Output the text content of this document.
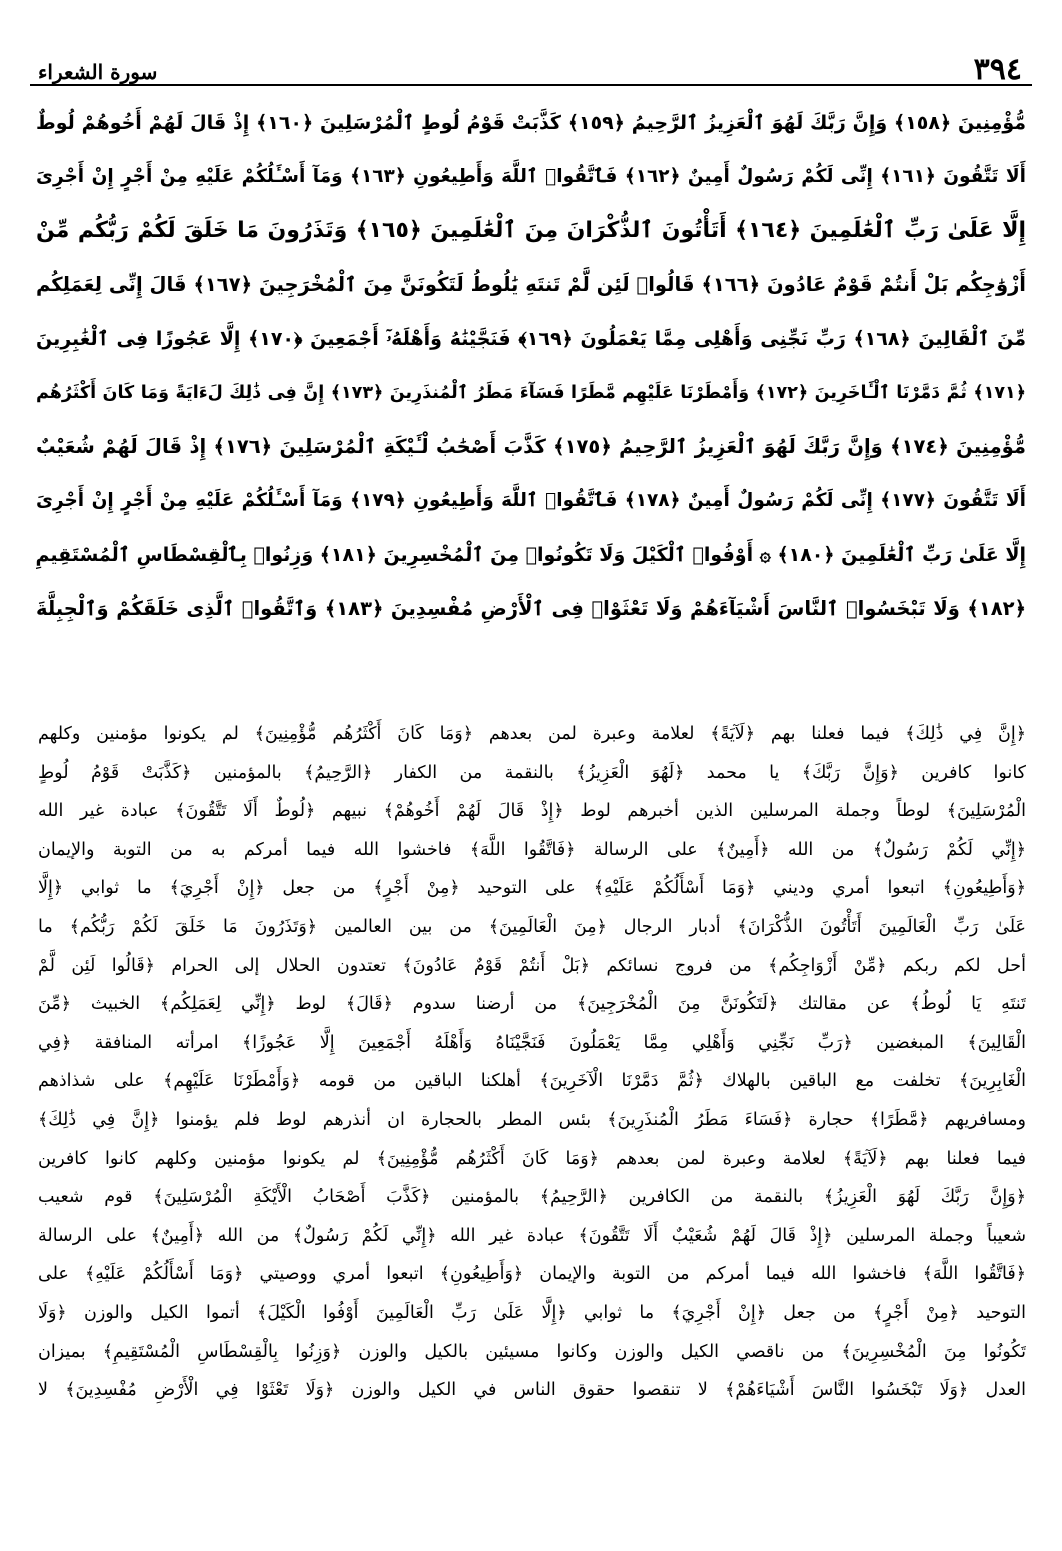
٣٩٤
سورة الشعراء
مُّؤْمِنِينَ ﴿١٥٨﴾ وَإِنَّ رَبَّكَ لَهُوَ ٱلْعَزِيزُ ٱلرَّحِيمُ ﴿١٥٩﴾ كَذَّبَتْ قَوْمُ لُوطٍ ٱلْمُرْسَلِينَ ﴿١٦٠﴾ إِذْ قَالَ لَهُمْ أَخُوهُمْ لُوطٌ
أَلَا تَتَّقُونَ ﴿١٦١﴾ إِنِّى لَكُمْ رَسُولٌ أَمِينٌ ﴿١٦٢﴾ فَٱتَّقُوا۟ ٱللَّهَ وَأَطِيعُونِ ﴿١٦٣﴾ وَمَآ أَسْـَٔلُكُمْ عَلَيْهِ مِنْ أَجْرٍ إِنْ أَجْرِىَ
إِلَّا عَلَىٰ رَبِّ ٱلْعَٰلَمِينَ ﴿١٦٤﴾ أَتَأْتُونَ ٱلذُّكْرَانَ مِنَ ٱلْعَٰلَمِينَ ﴿١٦٥﴾ وَتَذَرُونَ مَا خَلَقَ لَكُمْ رَبُّكُم مِّنْ
أَزْوَٰجِكُم بَلْ أَنتُمْ قَوْمٌ عَادُونَ ﴿١٦٦﴾ قَالُوا۟ لَئِن لَّمْ تَنتَهِ يَٰلُوطُ لَتَكُونَنَّ مِنَ ٱلْمُخْرَجِينَ ﴿١٦٧﴾ قَالَ إِنِّى لِعَمَلِكُم
مِّنَ ٱلْقَالِينَ ﴿١٦٨﴾ رَبِّ نَجِّنِى وَأَهْلِى مِمَّا يَعْمَلُونَ ﴿١٦٩﴾ فَنَجَّيْنَٰهُ وَأَهْلَهُۥٓ أَجْمَعِينَ ﴿١٧٠﴾ إِلَّا عَجُوزًا فِى ٱلْغَٰبِرِينَ
﴿١٧١﴾ ثُمَّ دَمَّرْنَا ٱلْـَٔاخَرِينَ ﴿١٧٢﴾ وَأَمْطَرْنَا عَلَيْهِم مَّطَرًا فَسَآءَ مَطَرُ ٱلْمُنذَرِينَ ﴿١٧٣﴾ إِنَّ فِى ذَٰلِكَ لَءَايَةً وَمَا كَانَ أَكْثَرُهُم
مُّؤْمِنِينَ ﴿١٧٤﴾ وَإِنَّ رَبَّكَ لَهُوَ ٱلْعَزِيزُ ٱلرَّحِيمُ ﴿١٧٥﴾ كَذَّبَ أَصْحَٰبُ لْـَٔيْكَةِ ٱلْمُرْسَلِينَ ﴿١٧٦﴾ إِذْ قَالَ لَهُمْ شُعَيْبٌ
أَلَا تَتَّقُونَ ﴿١٧٧﴾ إِنِّى لَكُمْ رَسُولٌ أَمِينٌ ﴿١٧٨﴾ فَٱتَّقُوا۟ ٱللَّهَ وَأَطِيعُونِ ﴿١٧٩﴾ وَمَآ أَسْـَٔلُكُمْ عَلَيْهِ مِنْ أَجْرٍ إِنْ أَجْرِىَ
إِلَّا عَلَىٰ رَبِّ ٱلْعَٰلَمِينَ ﴿١٨٠﴾ ۞ أَوْفُوا۟ ٱلْكَيْلَ وَلَا تَكُونُوا۟ مِنَ ٱلْمُخْسِرِينَ ﴿١٨١﴾ وَزِنُوا۟ بِٱلْقِسْطَاسِ ٱلْمُسْتَقِيمِ
﴿١٨٢﴾ وَلَا تَبْخَسُوا۟ ٱلنَّاسَ أَشْيَآءَهُمْ وَلَا تَعْثَوْا۟ فِى ٱلْأَرْضِ مُفْسِدِينَ ﴿١٨٣﴾ وَٱتَّقُوا۟ ٱلَّذِى خَلَقَكُمْ وَٱلْجِبِلَّةَ
﴿إِنَّ فِي ذَٰلِكَ﴾ فيما فعلنا بهم ﴿لَآيَةً﴾ لعلامة وعبرة لمن بعدهم ﴿وَمَا كَانَ أَكْثَرُهُم مُّؤْمِنِينَ﴾ لم يكونوا مؤمنين وكلهم
كانوا كافرين ﴿وَإِنَّ رَبَّكَ﴾ يا محمد ﴿لَهُوَ الْعَزِيزُ﴾ بالنقمة من الكفار ﴿الرَّحِيمُ﴾ بالمؤمنين ﴿كَذَّبَتْ قَوْمُ لُوطٍ
الْمُرْسَلِينَ﴾ لوطاً وجملة المرسلين الذين أخبرهم لوط ﴿إِذْ قَالَ لَهُمْ أَخُوهُمْ﴾ نبيهم ﴿لُوطٌ أَلَا تَتَّقُونَ﴾ عبادة غير الله
﴿إِنِّي لَكُمْ رَسُولٌ﴾ من الله ﴿أَمِينٌ﴾ على الرسالة ﴿فَاتَّقُوا اللَّهَ﴾ فاخشوا الله فيما أمركم به من التوبة والإيمان
﴿وَأَطِيعُونِ﴾ اتبعوا أمري وديني ﴿وَمَا أَسْأَلُكُمْ عَلَيْهِ﴾ على التوحيد ﴿مِنْ أَجْرٍ﴾ من جعل ﴿إِنْ أَجْرِيَ﴾ ما ثوابي ﴿إِلَّا
عَلَىٰ رَبِّ الْعَالَمِينَ أَتَأْتُونَ الذُّكْرَانَ﴾ أدبار الرجال ﴿مِنَ الْعَالَمِينَ﴾ من بين العالمين ﴿وَتَذَرُونَ مَا خَلَقَ لَكُمْ رَبُّكُم﴾ ما
أحل لكم ربكم ﴿مِّنْ أَزْوَاجِكُم﴾ من فروج نسائكم ﴿بَلْ أَنتُمْ قَوْمٌ عَادُونَ﴾ تعتدون الحلال إلى الحرام ﴿قَالُوا لَئِن لَّمْ
تَنتَهِ يَا لُوطُ﴾ عن مقالتك ﴿لَتَكُونَنَّ مِنَ الْمُخْرَجِينَ﴾ من أرضنا سدوم ﴿قَالَ﴾ لوط ﴿إِنِّي لِعَمَلِكُم﴾ الخبيث ﴿مِّنَ
الْقَالِينَ﴾ المبغضين ﴿رَبِّ نَجِّنِي وَأَهْلِي مِمَّا يَعْمَلُونَ فَنَجَّيْنَاهُ وَأَهْلَهُ أَجْمَعِينَ إِلَّا عَجُوزًا﴾ امرأته المنافقة ﴿فِي
الْغَابِرِينَ﴾ تخلفت مع الباقين بالهلاك ﴿ثُمَّ دَمَّرْنَا الْآخَرِينَ﴾ أهلكنا الباقين من قومه ﴿وَأَمْطَرْنَا عَلَيْهِم﴾ على شذاذهم
ومسافريهم ﴿مَّطَرًا﴾ حجارة ﴿فَسَاءَ مَطَرُ الْمُنذَرِينَ﴾ بئس المطر بالحجارة ان أنذرهم لوط فلم يؤمنوا ﴿إِنَّ فِي ذَٰلِكَ﴾
فيما فعلنا بهم ﴿لَآيَةً﴾ لعلامة وعبرة لمن بعدهم ﴿وَمَا كَانَ أَكْثَرُهُم مُّؤْمِنِينَ﴾ لم يكونوا مؤمنين وكلهم كانوا كافرين
﴿وَإِنَّ رَبَّكَ لَهُوَ الْعَزِيزُ﴾ بالنقمة من الكافرين ﴿الرَّحِيمُ﴾ بالمؤمنين ﴿كَذَّبَ أَصْحَابُ الْأَيْكَةِ الْمُرْسَلِينَ﴾ قوم شعيب
شعيباً وجملة المرسلين ﴿إِذْ قَالَ لَهُمْ شُعَيْبٌ أَلَا تَتَّقُونَ﴾ عبادة غير الله ﴿إِنِّي لَكُمْ رَسُولٌ﴾ من الله ﴿أَمِينٌ﴾ على الرسالة
﴿فَاتَّقُوا اللَّهَ﴾ فاخشوا الله فيما أمركم من التوبة والإيمان ﴿وَأَطِيعُونِ﴾ اتبعوا أمري ووصيتي ﴿وَمَا أَسْأَلُكُمْ عَلَيْهِ﴾ على
التوحيد ﴿مِنْ أَجْرٍ﴾ من جعل ﴿إِنْ أَجْرِيَ﴾ ما ثوابي ﴿إِلَّا عَلَىٰ رَبِّ الْعَالَمِينَ أَوْفُوا الْكَيْلَ﴾ أتموا الكيل والوزن ﴿وَلَا
تَكُونُوا مِنَ الْمُخْسِرِينَ﴾ من ناقصي الكيل والوزن وكانوا مسيئين بالكيل والوزن ﴿وَزِنُوا بِالْقِسْطَاسِ الْمُسْتَقِيمِ﴾ بميزان
العدل ﴿وَلَا تَبْخَسُوا النَّاسَ أَشْيَاءَهُمْ﴾ لا تنقصوا حقوق الناس في الكيل والوزن ﴿وَلَا تَعْثَوْا فِي الْأَرْضِ مُفْسِدِينَ﴾ لا
